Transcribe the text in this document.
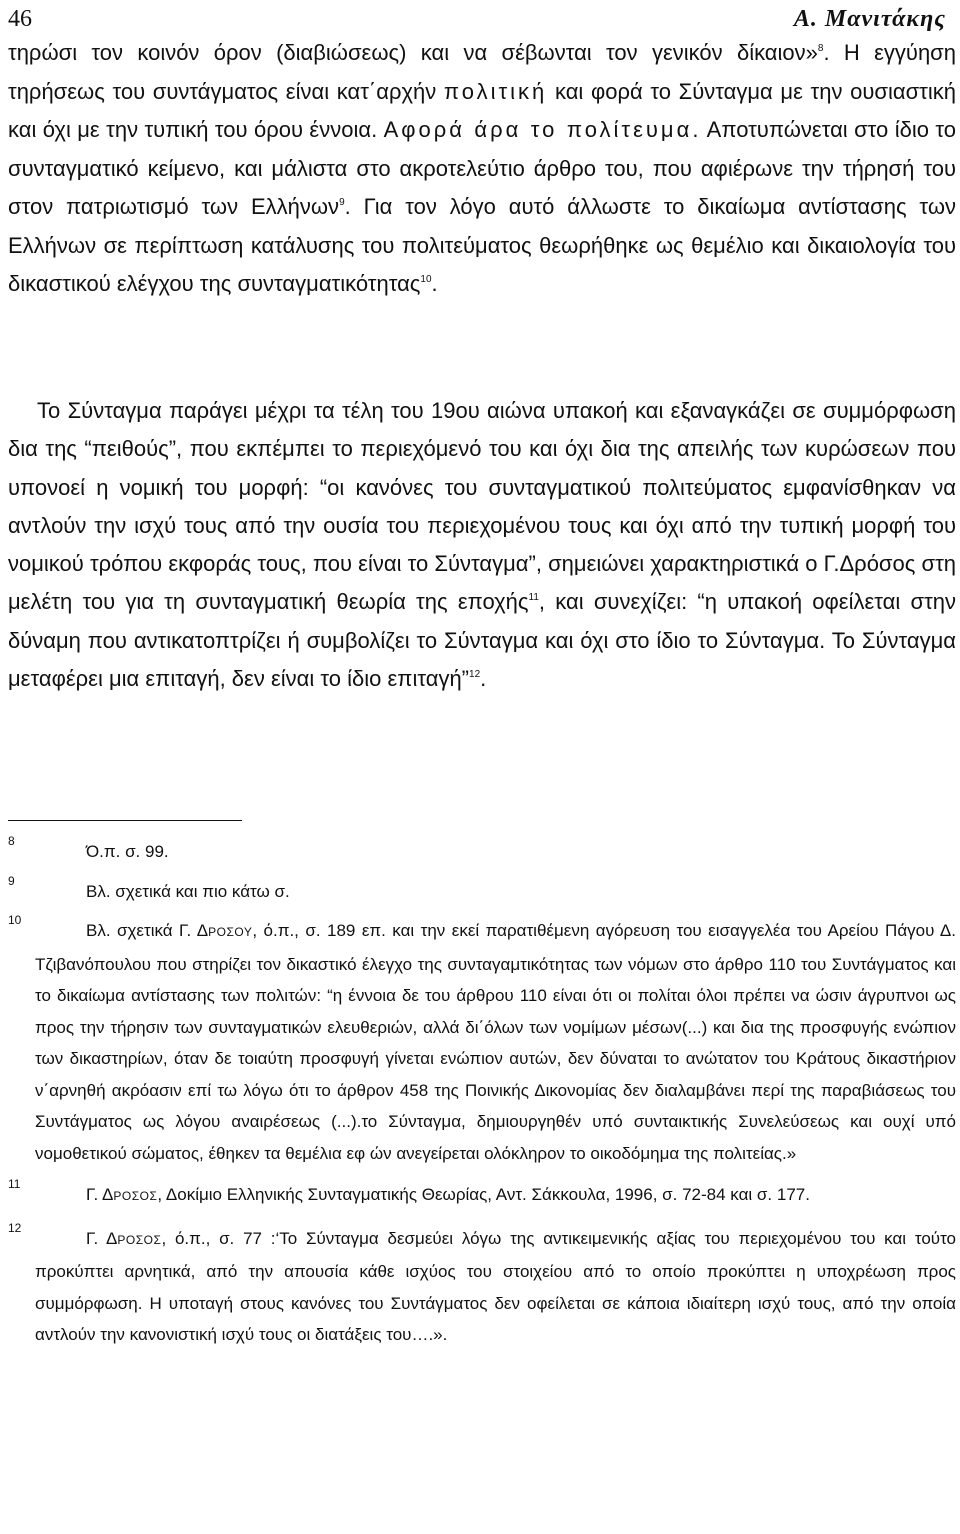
46	Α. Μανιτάκης
τηρώσι τον κοινόν όρον (διαβιώσεως) και να σέβωνται τον γενικόν δίκαιον»$^8$. Η εγγύηση τηρήσεως του συντάγματος είναι κατ΄αρχήν πολιτική και φορά το Σύνταγμα με την ουσιαστική και όχι με την τυπική του όρου έννοια. Αφορά άρα το πολίτευμα. Αποτυπώνεται στο ίδιο το συνταγματικό κείμενο, και μάλιστα στο ακροτελεύτιο άρθρο του, που αφιέρωνε την τήρησή του στον πατριωτισμό των Ελλήνων$^9$. Για τον λόγο αυτό άλλωστε το δικαίωμα αντίστασης των Ελλήνων σε περίπτωση κατάλυσης του πολιτεύματος θεωρήθηκε ως θεμέλιο και δικαιολογία του δικαστικού ελέγχου της συνταγματικότητας$^{10}$.
Το Σύνταγμα παράγει μέχρι τα τέλη του 19ου αιώνα υπακοή και εξαναγκάζει σε συμμόρφωση δια της “πειθούς”, που εκπέμπει το περιεχόμενό του και όχι δια της απειλής των κυρώσεων που υπονοεί η νομική του μορφή: “οι κανόνες του συνταγματικού πολιτεύματος εμφανίσθηκαν να αντλούν την ισχύ τους από την ουσία του περιεχομένου τους και όχι από την τυπική μορφή του νομικού τρόπου εκφοράς τους, που είναι το Σύνταγμα”, σημειώνει χαρακτηριστικά ο Γ.Δρόσος στη μελέτη του για τη συνταγματική θεωρία της εποχής$^{11}$, και συνεχίζει: “η υπακοή οφείλεται στην δύναμη που αντικατοπτρίζει ή συμβολίζει το Σύνταγμα και όχι στο ίδιο το Σύνταγμα. Το Σύνταγμα μεταφέρει μια επιταγή, δεν είναι το ίδιο επιταγή”$^{12}$.
8
Ό.π. σ. 99.
9
Βλ. σχετικά και πιο κάτω σ.
10
Βλ. σχετικά Γ. ΔΡΟΣΟΥ, ό.π., σ. 189 επ. και την εκεί παρατιθέμενη αγόρευση του εισαγγελέα του Αρείου Πάγου Δ. Τζιβανόπουλου που στηρίζει τον δικαστικό έλεγχο της συνταγαμτικότητας των νόμων στο άρθρο 110 του Συντάγματος και το δικαίωμα αντίστασης των πολιτών: “η έννοια δε του άρθρου 110 είναι ότι οι πολίται όλοι πρέπει να ώσιν άγρυπνοι ως προς την τήρησιν των συνταγματικών ελευθεριών, αλλά δι΄όλων των νομίμων μέσων(...) και δια της προσφυγής ενώπιον των δικαστηρίων, όταν δε τοιαύτη προσφυγή γίνεται ενώπιον αυτών, δεν δύναται το ανώτατον του Κράτους δικαστήριον ν΄αρνηθή ακρόασιν επί τω λόγω ότι το άρθρον 458 της Ποινικής Δικονομίας δεν διαλαμβάνει περί της παραβιάσεως του Συντάγματος ως λόγου αναιρέσεως (...).το Σύνταγμα, δημιουργηθέν υπό συνταικτικής Συνελεύσεως και ουχί υπό νομοθετικού σώματος, έθηκεν τα θεμέλια εφ ών ανεγείρεται ολόκληρον το οικοδόμημα της πολιτείας.»
11
Γ. ΔΡΟΣΟΣ, Δοκίμιο Ελληνικής Συνταγματικής Θεωρίας, Αντ. Σάκκουλα, 1996, σ. 72-84 και σ. 177.
12
Γ. ΔΡΟΣΟΣ, ό.π., σ. 77 :‘Το Σύνταγμα δεσμεύει λόγω της αντικειμενικής αξίας του περιεχομένου του και τούτο προκύπτει αρνητικά, από την απουσία κάθε ισχύος του στοιχείου από το οποίο προκύπτει η υποχρέωση προς συμμόρφωση. Η υποταγή στους κανόνες του Συντάγματος δεν οφείλεται σε κάποια ιδιαίτερη ισχύ τους, από την οποία αντλούν την κανονιστική ισχύ τους οι διατάξεις του….».
